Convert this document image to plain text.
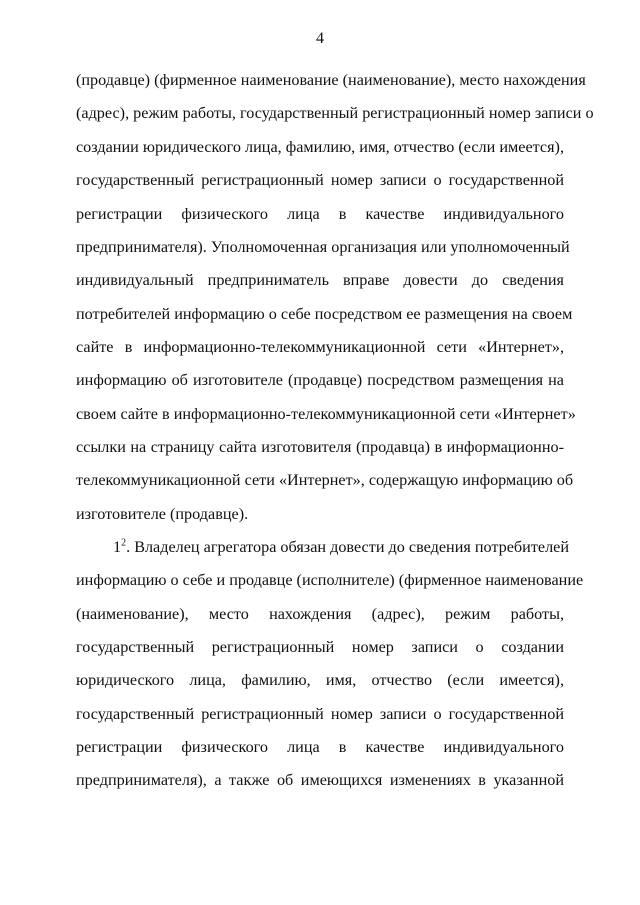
4
(продавце) (фирменное наименование (наименование), место нахождения
(адрес), режим работы, государственный регистрационный номер записи о
создании юридического лица, фамилию, имя, отчество (если имеется),
государственный регистрационный номер записи о государственной
регистрации физического лица в качестве индивидуального
предпринимателя). Уполномоченная организация или уполномоченный
индивидуальный предприниматель вправе довести до сведения
потребителей информацию о себе посредством ее размещения на своем
сайте в информационно-телекоммуникационной сети «Интернет»,
информацию об изготовителе (продавце) посредством размещения на
своем сайте в информационно-телекоммуникационной сети «Интернет»
ссылки на страницу сайта изготовителя (продавца) в информационно-
телекоммуникационной сети «Интернет», содержащую информацию об
изготовителе (продавце).
$1^2$. Владелец агрегатора обязан довести до сведения потребителей
информацию о себе и продавце (исполнителе) (фирменное наименование
(наименование), место нахождения (адрес), режим работы,
государственный регистрационный номер записи о создании
юридического лица, фамилию, имя, отчество (если имеется),
государственный регистрационный номер записи о государственной
регистрации физического лица в качестве индивидуального
предпринимателя), а также об имеющихся изменениях в указанной
